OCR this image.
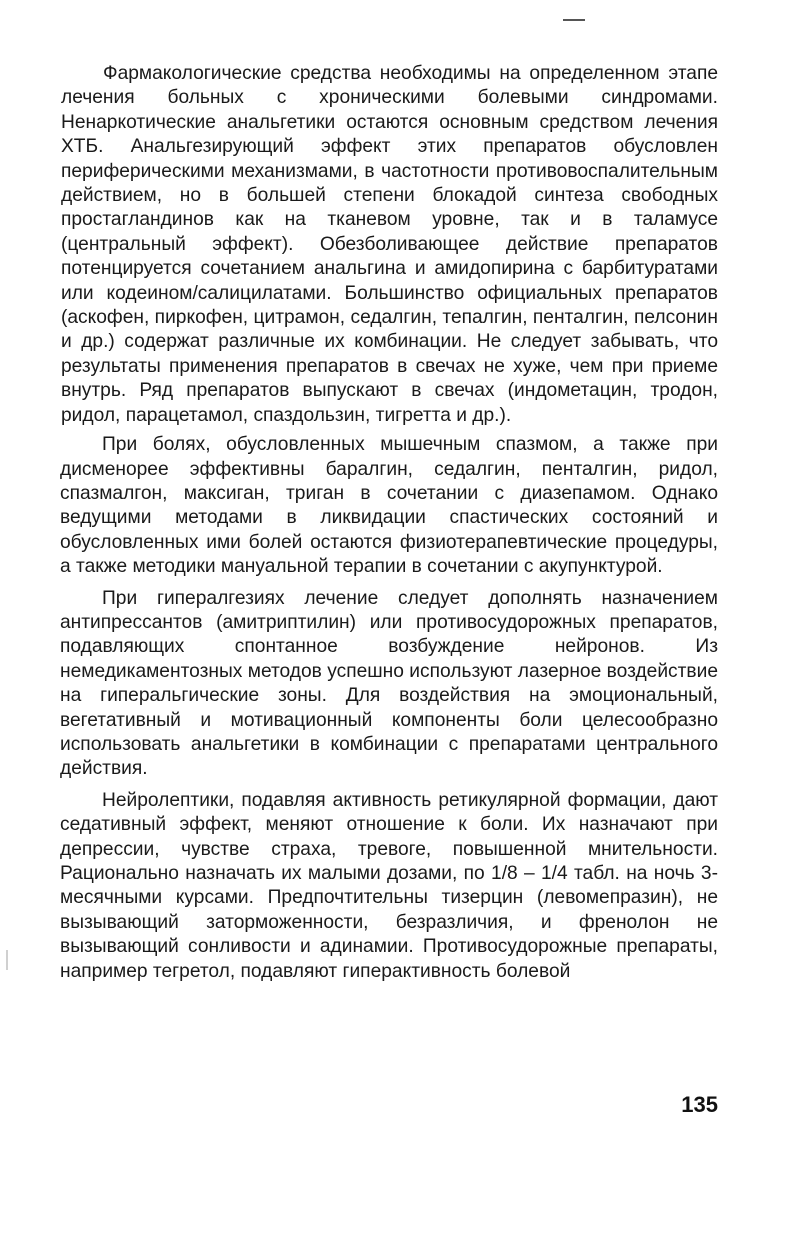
Фармакологические средства необходимы на определенном этапе лечения больных с хроническими болевыми синдромами. Ненаркотические анальгетики остаются основным средством лечения ХТБ. Анальгезирующий эффект этих препаратов обусловлен периферическими механизмами, в частотности противовоспалительным действием, но в большей степени блокадой синтеза свободных простагландинов как на тканевом уровне, так и в таламусе (центральный эффект). Обезболивающее действие препаратов потенцируется сочетанием анальгина и амидопирина с барбитуратами или кодеином/салицилатами. Большинство официальных препаратов (аскофен, пиркофен, цитрамон, седалгин, тепалгин, пенталгин, пелсонин и др.) содержат различные их комбинации. Не следует забывать, что результаты применения препаратов в свечах не хуже, чем при приеме внутрь. Ряд препаратов выпускают в свечах (индометацин, тродон, ридол, парацетамол, спаздользин, тигретта и др.).

При болях, обусловленных мышечным спазмом, а также при дисменорее эффективны баралгин, седалгин, пенталгин, ридол, спазмалгон, максиган, триган в сочетании с диазепамом. Однако ведущими методами в ликвидации спастических состояний и обусловленных ими болей остаются физиотерапевтические процедуры, а также методики мануальной терапии в сочетании с акупунктурой.

При гипералгезиях лечение следует дополнять назначением антипрессантов (амитриптилин) или противосудорожных препаратов, подавляющих спонтанное возбуждение нейронов. Из немедикаментозных методов успешно используют лазерное воздействие на гиперальгические зоны. Для воздействия на эмоциональный, вегетативный и мотивационный компоненты боли целесообразно использовать анальгетики в комбинации с препаратами центрального действия.

Нейролептики, подавляя активность ретикулярной формации, дают седативный эффект, меняют отношение к боли. Их назначают при депрессии, чувстве страха, тревоге, повышенной мнительности. Рационально назначать их малыми дозами, по 1/8 – 1/4 табл. на ночь 3-месячными курсами. Предпочтительны тизерцин (левомепразин), не вызывающий заторможенности, безразличия, и френолон не вызывающий сонливости и адинамии. Противосудорожные препараты, например тегретол, подавляют гиперактивность болевой

135
